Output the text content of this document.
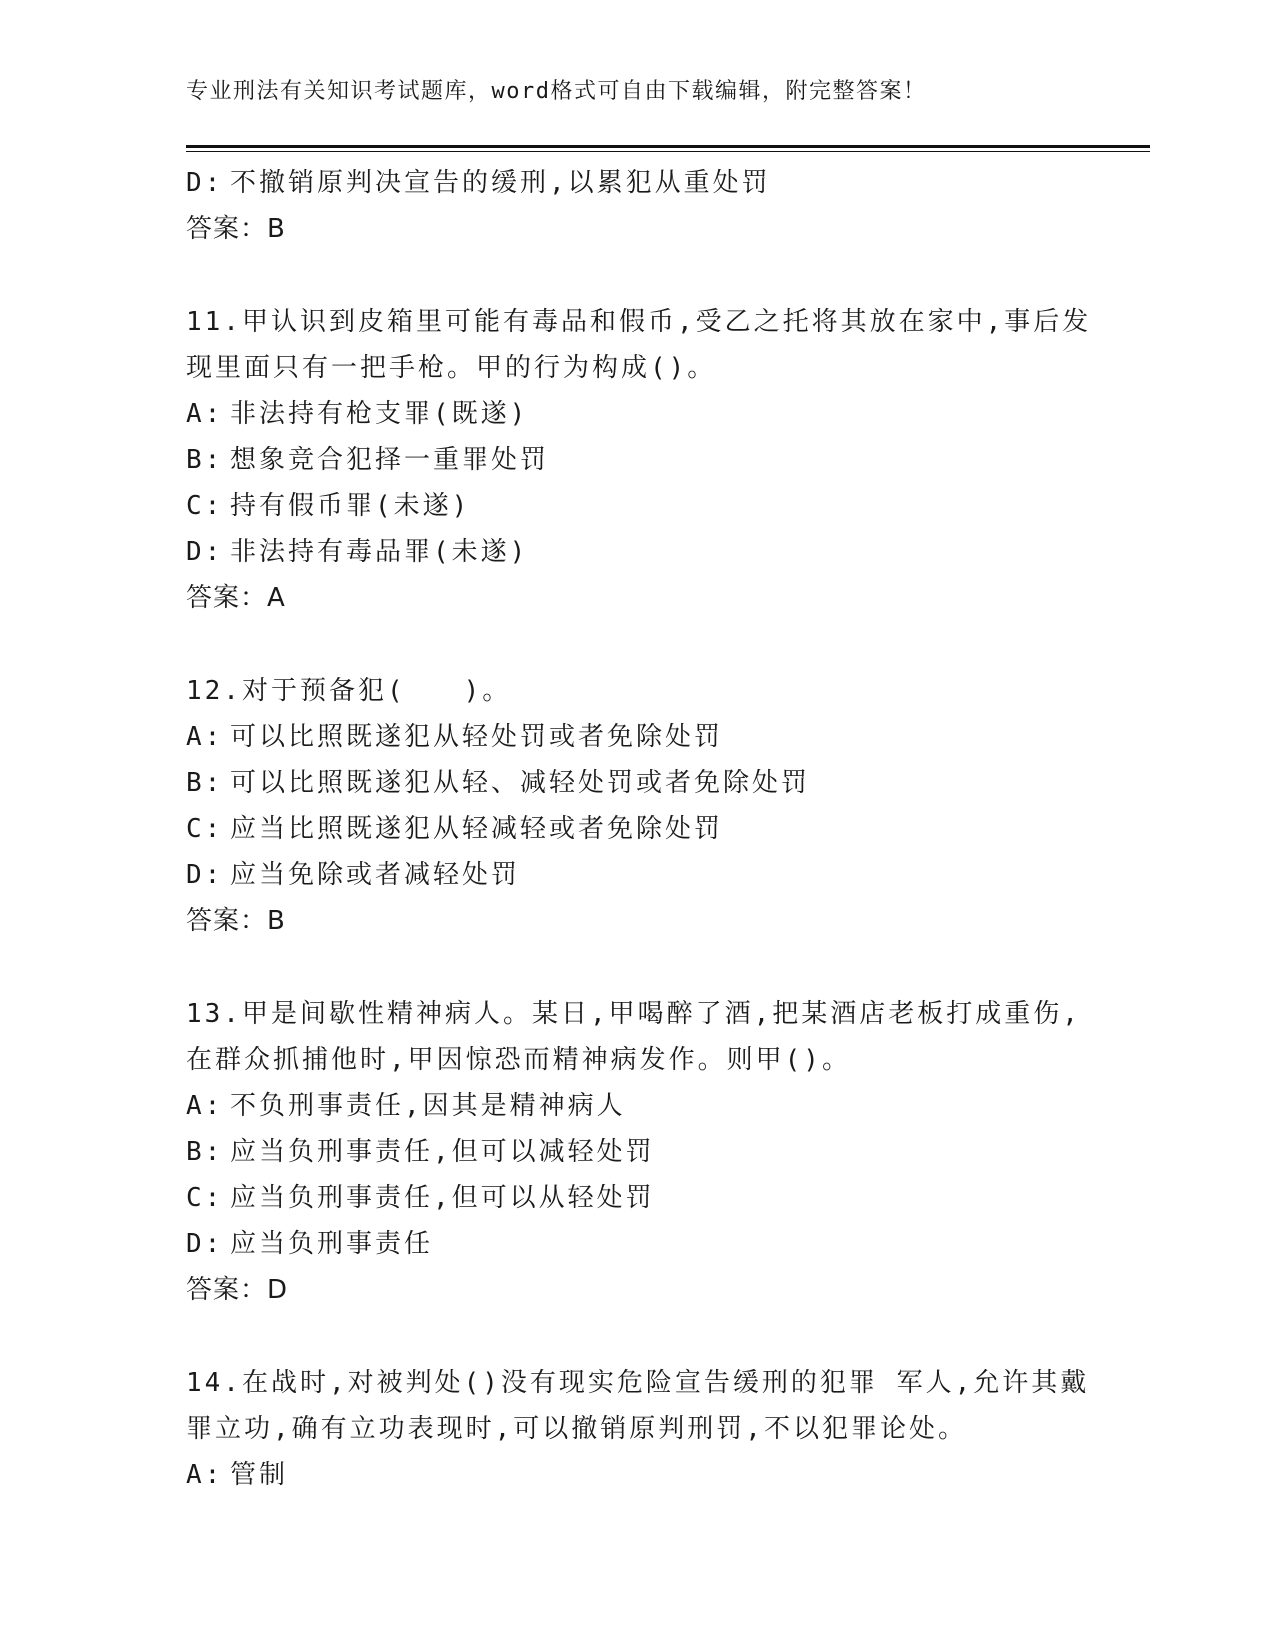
专业刑法有关知识考试题库，word格式可自由下载编辑，附完整答案！
D: 不撤销原判决宣告的缓刑,以累犯从重处罚
答案：B
11.甲认识到皮箱里可能有毒品和假币,受乙之托将其放在家中,事后发
现里面只有一把手枪。甲的行为构成()。
A: 非法持有枪支罪(既遂)
B: 想象竞合犯择一重罪处罚
C: 持有假币罪(未遂)
D: 非法持有毒品罪(未遂)
答案：A
12.对于预备犯(　　)。
A: 可以比照既遂犯从轻处罚或者免除处罚
B: 可以比照既遂犯从轻、减轻处罚或者免除处罚
C: 应当比照既遂犯从轻减轻或者免除处罚
D: 应当免除或者减轻处罚
答案：B
13.甲是间歇性精神病人。某日,甲喝醉了酒,把某酒店老板打成重伤,
在群众抓捕他时,甲因惊恐而精神病发作。则甲()。
A: 不负刑事责任,因其是精神病人
B: 应当负刑事责任,但可以减轻处罚
C: 应当负刑事责任,但可以从轻处罚
D: 应当负刑事责任
答案：D
14.在战时,对被判处()没有现实危险宣告缓刑的犯罪 军人,允许其戴
罪立功,确有立功表现时,可以撤销原判刑罚,不以犯罪论处。
A: 管制
